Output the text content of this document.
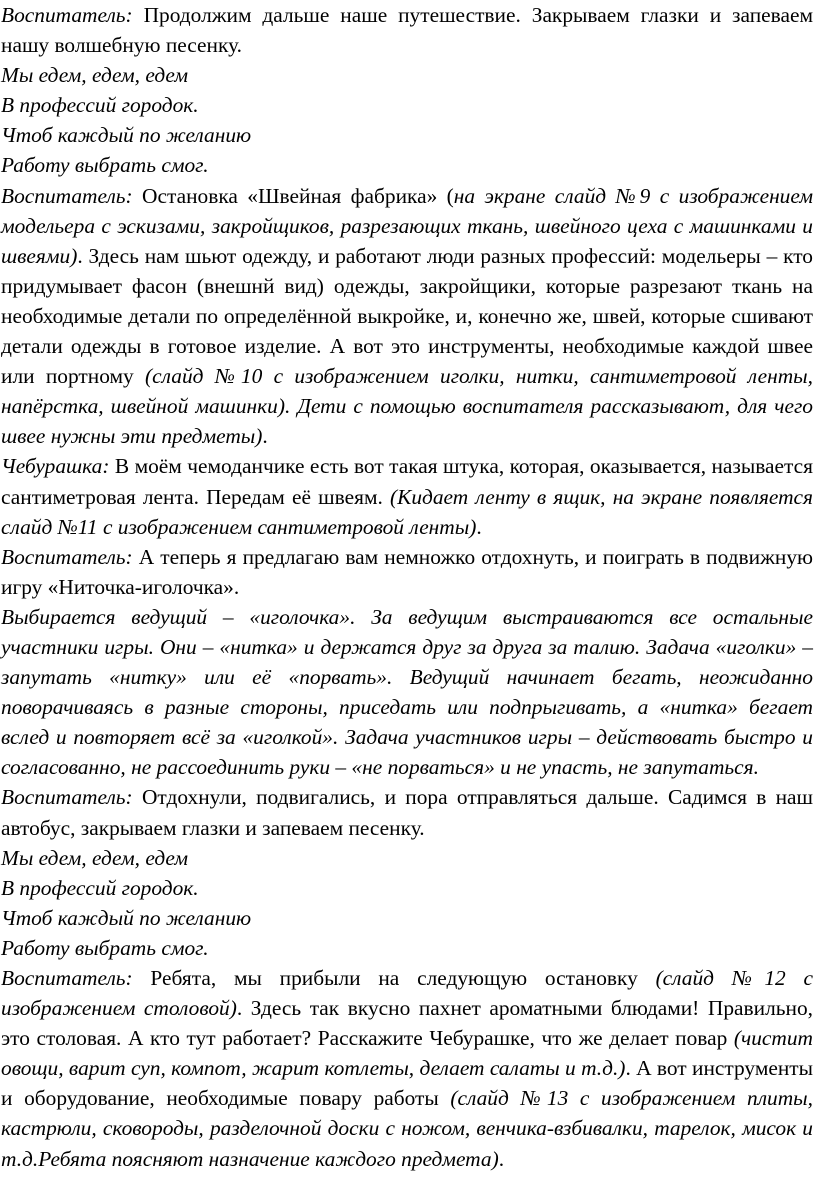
Воспитатель: Продолжим дальше наше путешествие. Закрываем глазки и запеваем нашу волшебную песенку.

Мы едем, едем, едем

В профессий городок.

Чтоб каждый по желанию

Работу выбрать смог.

Воспитатель: Остановка «Швейная фабрика» (на экране слайд №9 с изображением модельера с эскизами, закройщиков, разрезающих ткань, швейного цеха с машинками и швеями). Здесь нам шьют одежду, и работают люди разных профессий: модельеры – кто придумывает фасон (внешнй вид) одежды, закройщики, которые разрезают ткань на необходимые детали по определённой выкройке, и, конечно же, швей, которые сшивают детали одежды в готовое изделие. А вот это инструменты, необходимые каждой швее или портному (слайд №10 с изображением иголки, нитки, сантиметровой ленты, напёрстка, швейной машинки). Дети с помощью воспитателя рассказывают, для чего швее нужны эти предметы).

Чебурашка: В моём чемоданчике есть вот такая штука, которая, оказывается, называется сантиметровая лента. Передам её швеям. (Кидает ленту в ящик, на экране появляется слайд №11 с изображением сантиметровой ленты).

Воспитатель: А теперь я предлагаю вам немножко отдохнуть, и поиграть в подвижную игру «Ниточка-иголочка».

Выбирается ведущий – «иголочка». За ведущим выстраиваются все остальные участники игры. Они – «нитка» и держатся друг за друга за талию. Задача «иголки» – запутать «нитку» или её «порвать». Ведущий начинает бегать, неожиданно поворачиваясь в разные стороны, приседать или подпрыгивать, а «нитка» бегает вслед и повторяет всё за «иголкой». Задача участников игры – действовать быстро и согласованно, не рассоединить руки – «не порваться» и не упасть, не запутаться.

Воспитатель: Отдохнули, подвигались, и пора отправляться дальше. Садимся в наш автобус, закрываем глазки и запеваем песенку.

Мы едем, едем, едем

В профессий городок.

Чтоб каждый по желанию

Работу выбрать смог.

Воспитатель: Ребята, мы прибыли на следующую остановку (слайд №12 с изображением столовой). Здесь так вкусно пахнет ароматными блюдами! Правильно, это столовая. А кто тут работает? Расскажите Чебурашке, что же делает повар (чистит овощи, варит суп, компот, жарит котлеты, делает салаты и т.д.). А вот инструменты и оборудование, необходимые повару работы (слайд №13 с изображением плиты, кастрюли, сковороды, разделочной доски с ножом, венчика-взбивалки, тарелок, мисок и т.д.Ребята поясняют назначение каждого предмета).
